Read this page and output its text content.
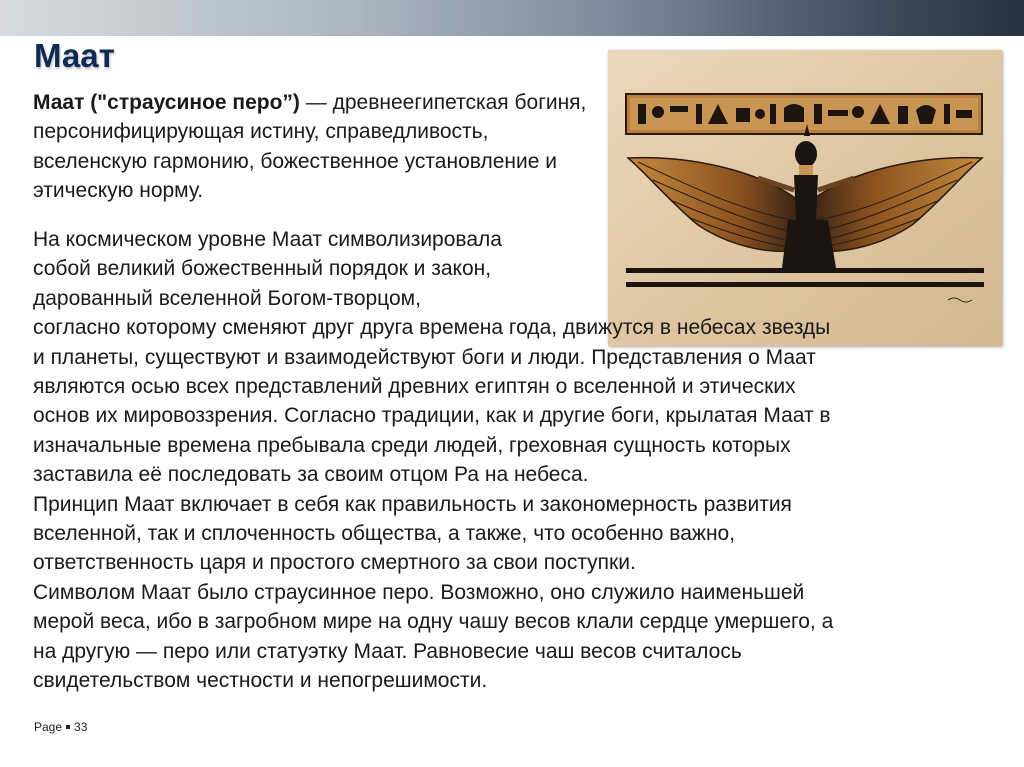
Маат

Маат ("страусиное перо”) — древнеегипетская богиня, персонифицирующая истину, справедливость, вселенскую гармонию, божественное установление и этическую норму.

На космическом уровне Маат символизировала

собой великий божественный порядок и закон,

дарованный вселенной Богом-творцом,

согласно которому сменяют друг друга времена года, движутся в небесах звезды

и планеты, существуют и взаимодействуют боги и люди. Представления о Маат

являются осью всех представлений древних египтян о вселенной и этических

основ их мировоззрения. Согласно традиции, как и другие боги, крылатая Маат в

изначальные времена пребывала среди людей, греховная сущность которых

заставила её последовать за своим отцом Ра на небеса.

Принцип Маат включает в себя как правильность и закономерность развития

вселенной, так и сплоченность общества, а также, что особенно важно,

ответственность царя и простого смертного за свои поступки.

Символом Маат было страусинное перо. Возможно, оно служило наименьшей

мерой веса, ибо в загробном мире на одну чашу весов клали сердце умершего, а

на другую — перо или статуэтку Маат. Равновесие чаш весов считалось

свидетельством честности и непогрешимости.

Page 33
